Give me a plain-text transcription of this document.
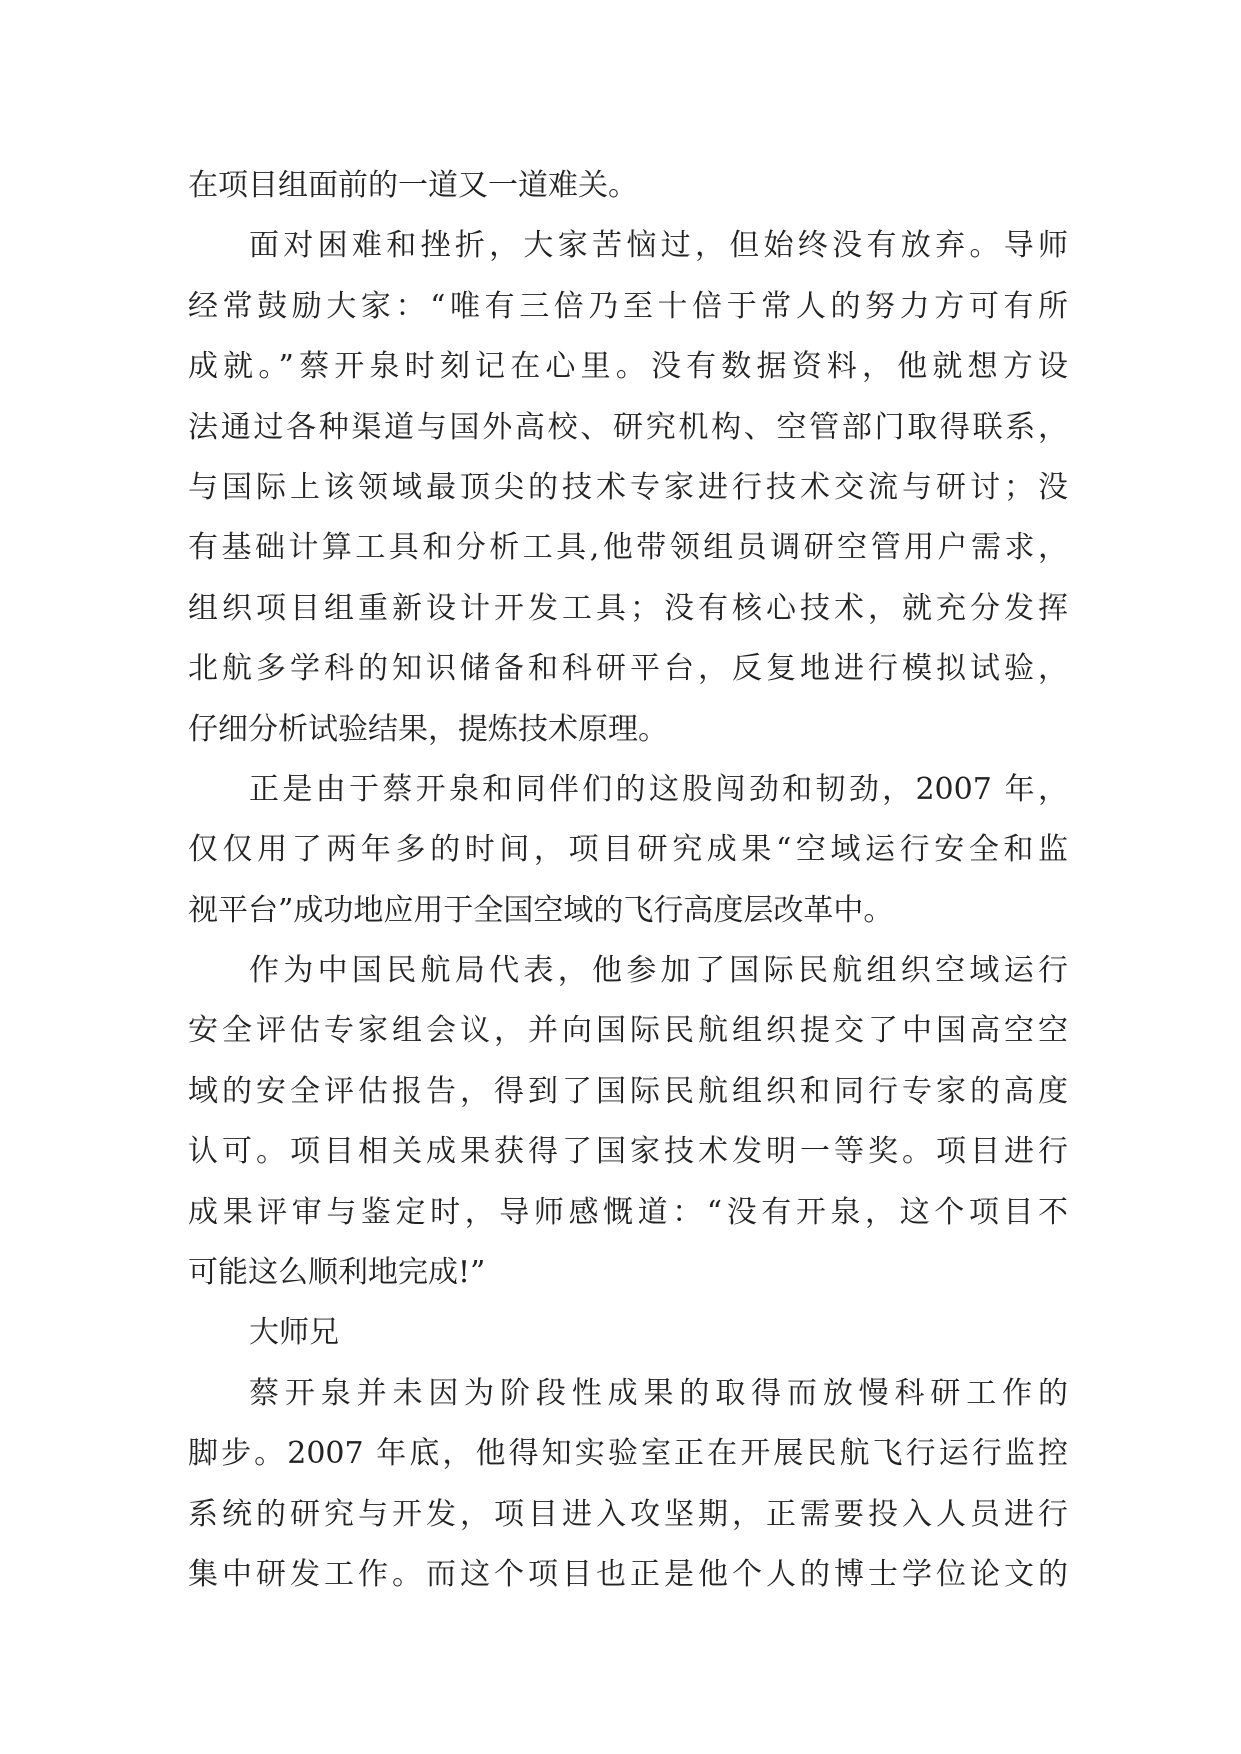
在项目组面前的一道又一道难关。
面对困难和挫折，大家苦恼过，但始终没有放弃。导师
经常鼓励大家：“唯有三倍乃至十倍于常人的努力方可有所
成就。”蔡开泉时刻记在心里。没有数据资料，他就想方设
法通过各种渠道与国外高校、研究机构、空管部门取得联系，
与国际上该领域最顶尖的技术专家进行技术交流与研讨；没
有基础计算工具和分析工具,他带领组员调研空管用户需求，
组织项目组重新设计开发工具；没有核心技术，就充分发挥
北航多学科的知识储备和科研平台，反复地进行模拟试验，
仔细分析试验结果，提炼技术原理。
正是由于蔡开泉和同伴们的这股闯劲和韧劲，2007 年，
仅仅用了两年多的时间，项目研究成果“空域运行安全和监
视平台”成功地应用于全国空域的飞行高度层改革中。
作为中国民航局代表，他参加了国际民航组织空域运行
安全评估专家组会议，并向国际民航组织提交了中国高空空
域的安全评估报告，得到了国际民航组织和同行专家的高度
认可。项目相关成果获得了国家技术发明一等奖。项目进行
成果评审与鉴定时，导师感慨道：“没有开泉，这个项目不
可能这么顺利地完成!”
大师兄
蔡开泉并未因为阶段性成果的取得而放慢科研工作的
脚步。2007 年底，他得知实验室正在开展民航飞行运行监控
系统的研究与开发，项目进入攻坚期，正需要投入人员进行
集中研发工作。而这个项目也正是他个人的博士学位论文的
